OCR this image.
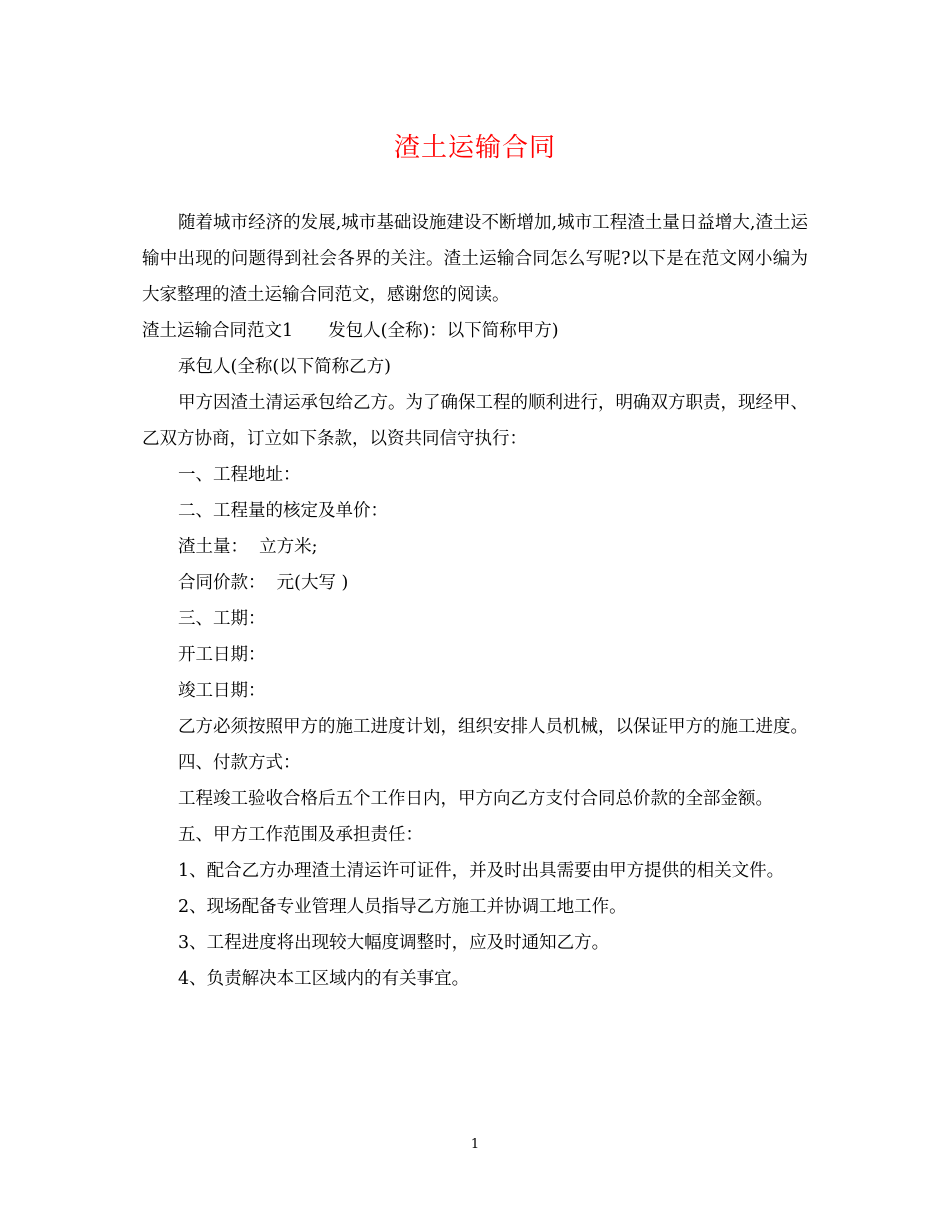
渣土运输合同

随着城市经济的发展,城市基础设施建设不断增加,城市工程渣土量日益增大,渣土运输中出现的问题得到社会各界的关注。渣土运输合同怎么写呢?以下是在范文网小编为大家整理的渣土运输合同范文，感谢您的阅读。

渣土运输合同范文1　　发包人(全称)：以下简称甲方)

承包人(全称(以下简称乙方)

甲方因渣土清运承包给乙方。为了确保工程的顺利进行，明确双方职责，现经甲、乙双方协商，订立如下条款，以资共同信守执行：

一、工程地址：

二、工程量的核定及单价：

渣土量：  立方米;

合同价款：  元(大写 )

三、工期：

开工日期：

竣工日期：

乙方必须按照甲方的施工进度计划，组织安排人员机械，以保证甲方的施工进度。

四、付款方式：

工程竣工验收合格后五个工作日内，甲方向乙方支付合同总价款的全部金额。

五、甲方工作范围及承担责任：

1、配合乙方办理渣土清运许可证件，并及时出具需要由甲方提供的相关文件。

2、现场配备专业管理人员指导乙方施工并协调工地工作。

3、工程进度将出现较大幅度调整时，应及时通知乙方。

4、负责解决本工区域内的有关事宜。

1
